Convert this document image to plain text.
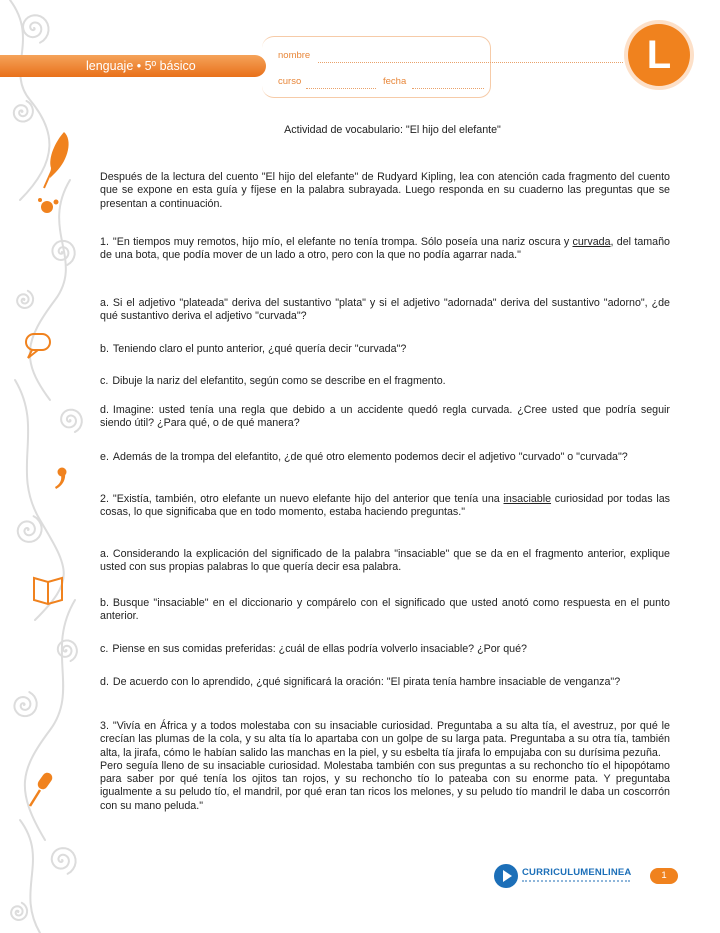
lenguaje • 5º básico
nombre
curso	fecha
L
Actividad de vocabulario: "El hijo del elefante"

Después de la lectura del cuento "El hijo del elefante" de Rudyard Kipling, lea con atención cada fragmento del cuento que se expone en esta guía y fíjese en la palabra subrayada. Luego responda en su cuaderno las preguntas que se presentan a continuación.

1. "En tiempos muy remotos, hijo mío, el elefante no tenía trompa. Sólo poseía una nariz oscura y curvada, del tamaño de una bota, que podía mover de un lado a otro, pero con la que no podía agarrar nada."

a. Si el adjetivo "plateada" deriva del sustantivo "plata" y si el adjetivo "adornada" deriva del sustantivo "adorno", ¿de qué sustantivo deriva el adjetivo "curvada"?

b. Teniendo claro el punto anterior, ¿qué quería decir "curvada"?

c. Dibuje la nariz del elefantito, según como se describe en el fragmento.

d. Imagine: usted tenía una regla que debido a un accidente quedó regla curvada. ¿Cree usted que podría seguir siendo útil? ¿Para qué, o de qué manera?

e. Además de la trompa del elefantito, ¿de qué otro elemento podemos decir el adjetivo "curvado" o "curvada"?

2. "Existía, también, otro elefante un nuevo elefante hijo del anterior que tenía una insaciable curiosidad por todas las cosas, lo que significaba que en todo momento, estaba haciendo preguntas."

a. Considerando la explicación del significado de la palabra "insaciable" que se da en el fragmento anterior, explique usted con sus propias palabras lo que quería decir esa palabra.

b. Busque "insaciable" en el diccionario y compárelo con el significado que usted anotó como respuesta en el punto anterior.

c. Piense en sus comidas preferidas: ¿cuál de ellas podría volverlo insaciable? ¿Por qué?

d. De acuerdo con lo aprendido, ¿qué significará la oración: "El pirata tenía hambre insaciable de venganza"?

3. "Vivía en África y a todos molestaba con su insaciable curiosidad. Preguntaba a su alta tía, el avestruz, por qué le crecían las plumas de la cola, y su alta tía lo apartaba con un golpe de su larga pata. Preguntaba a su otra tía, también alta, la jirafa, cómo le habían salido las manchas en la piel, y su esbelta tía jirafa lo empujaba con su durísima pezuña.

Pero seguía lleno de su insaciable curiosidad. Molestaba también con sus preguntas a su rechoncho tío el hipopótamo para saber por qué tenía los ojitos tan rojos, y su rechoncho tío lo pateaba con su enorme pata. Y preguntaba igualmente a su peludo tío, el mandril, por qué eran tan ricos los melones, y su peludo tío mandril le daba un coscorrón con su mano peluda."

CURRICULUMENLINEA	1
